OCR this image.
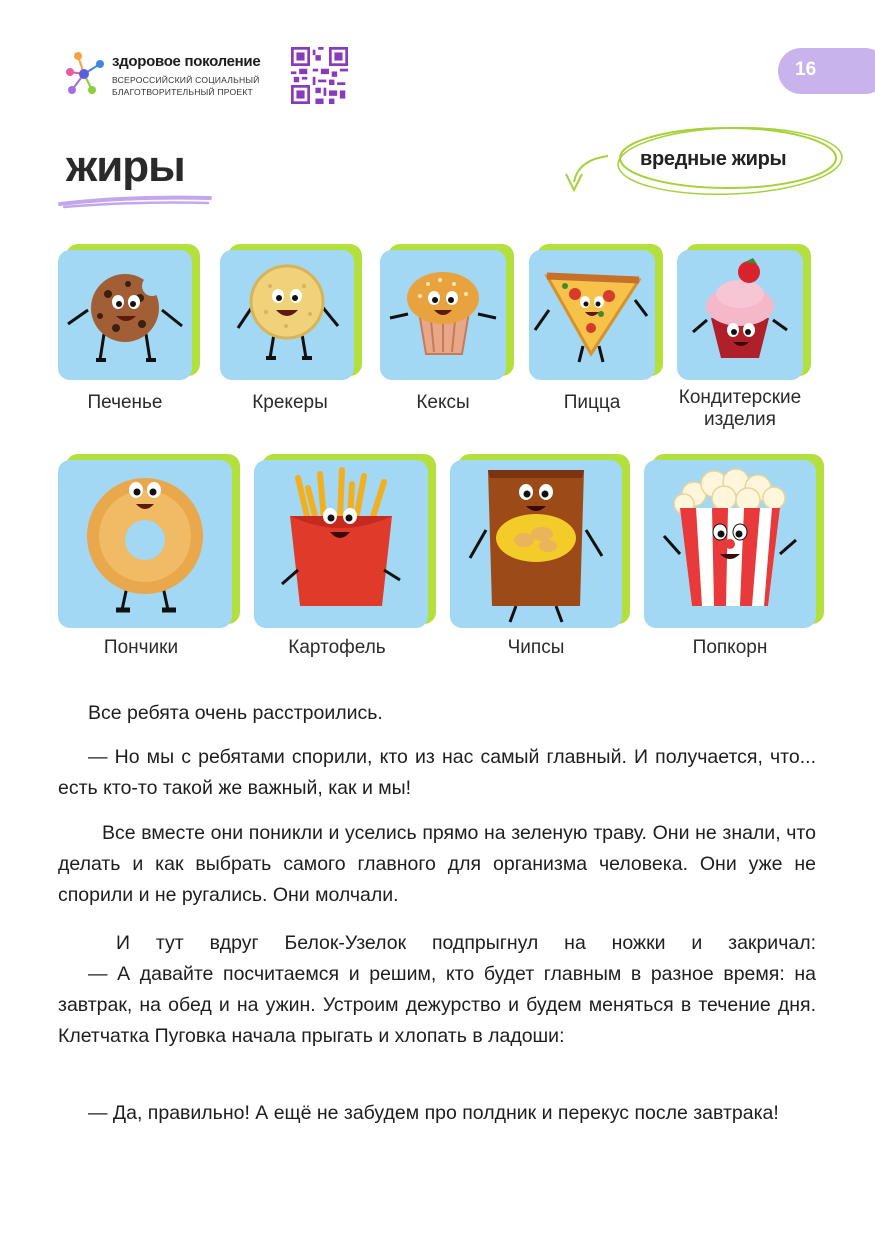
здоровое поколение
ВСЕРОССИЙСКИЙ СОЦИАЛЬНЫЙ
БЛАГОТВОРИТЕЛЬНЫЙ ПРОЕКТ
16
жиры	вредные жиры
Печенье	Крекеры	Кексы	Пицца	Кондитерские
изделия
Пончики	Картофель	Чипсы	Попкорн

Все ребята очень расстроились.

— Но мы с ребятами спорили, кто из нас самый главный. И получается, что... есть кто-то такой же важный, как и мы!

Все вместе они поникли и уселись прямо на зеленую траву. Они не знали, что делать и как выбрать самого главного для организма человека. Они уже не спорили и не ругались. Они молчали.

И тут вдруг Белок-Узелок подпрыгнул на ножки и закричал:

— А давайте посчитаемся и решим, кто будет главным в разное время: на завтрак, на обед и на ужин. Устроим дежурство и будем меняться в течение дня. Клетчатка Пуговка начала прыгать и хлопать в ладоши:

— Да, правильно! А ещё не забудем про полдник и перекус после завтрака!
